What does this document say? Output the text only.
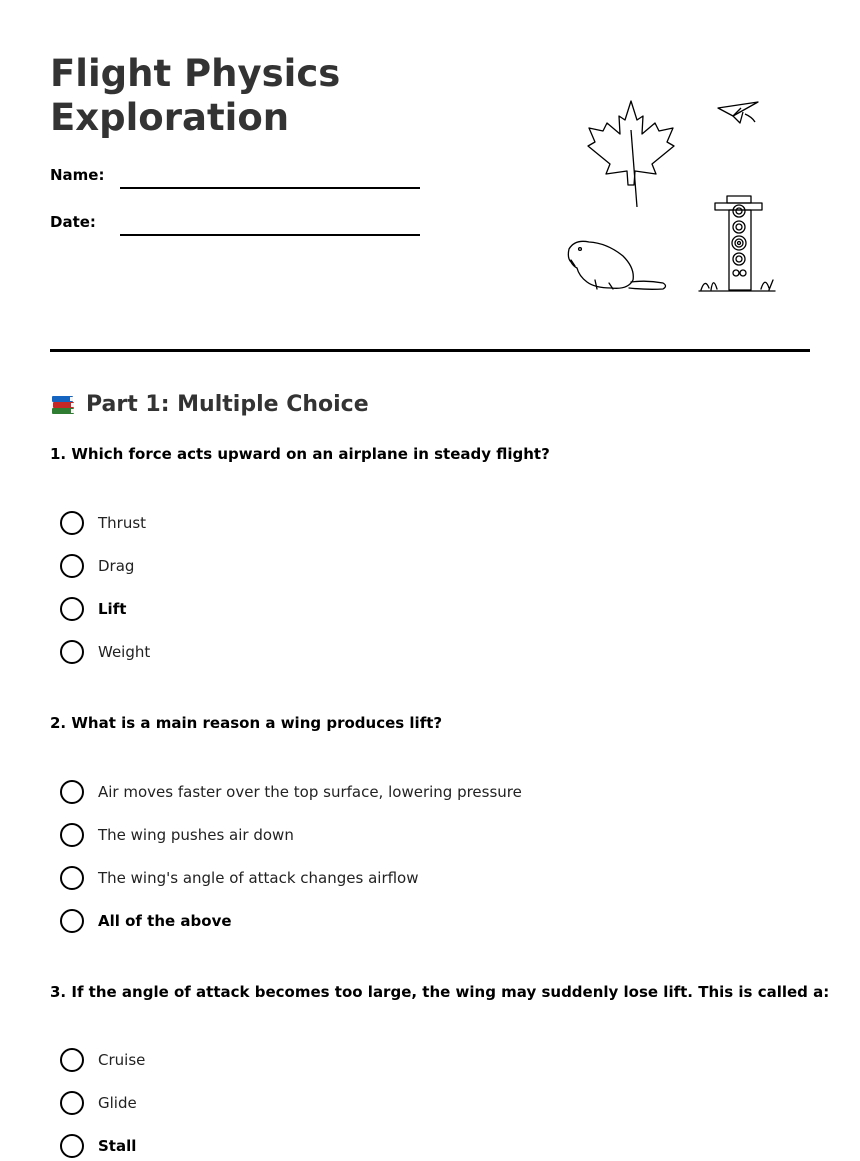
Flight Physics Exploration
Name:
Date:
Part 1: Multiple Choice

1. Which force acts upward on an airplane in steady flight?

Thrust
Drag
Lift
Weight

2. What is a main reason a wing produces lift?

Air moves faster over the top surface, lowering pressure
The wing pushes air down
The wing's angle of attack changes airflow
All of the above

3. If the angle of attack becomes too large, the wing may suddenly lose lift. This is called a:

Cruise
Glide
Stall
